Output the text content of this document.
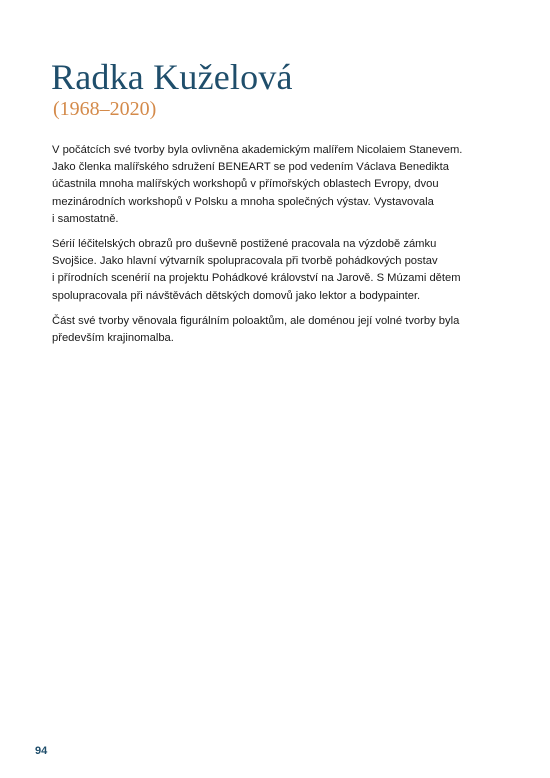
Radka Kuželová
(1968–2020)

V počátcích své tvorby byla ovlivněna akademickým malířem Nicolaiem Stanevem.
Jako členka malířského sdružení BENEART se pod vedením Václava Benedikta
účastnila mnoha malířských workshopů v přímořských oblastech Evropy, dvou
mezinárodních workshopů v Polsku a mnoha společných výstav. Vystavovala
i samostatně.

Sérií léčitelských obrazů pro duševně postižené pracovala na výzdobě zámku
Svojšice. Jako hlavní výtvarník spolupracovala při tvorbě pohádkových postav
i přírodních scenérií na projektu Pohádkové království na Jarově. S Múzami dětem
spolupracovala při návštěvách dětských domovů jako lektor a bodypainter.

Část své tvorby věnovala figurálním poloaktům, ale doménou její volné tvorby byla
především krajinomalba.

94
